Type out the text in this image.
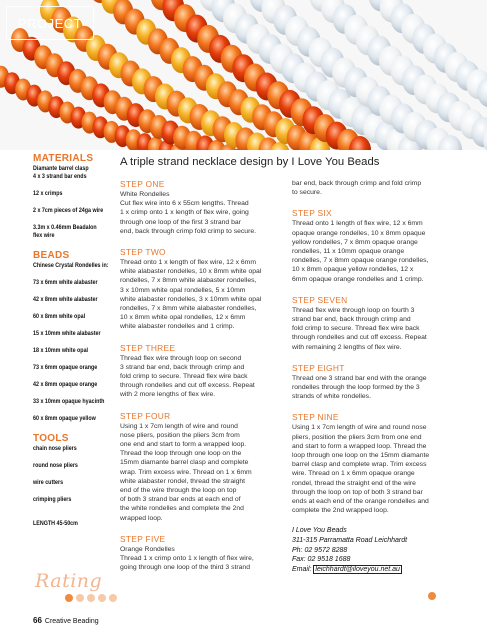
PROJECT
MATERIALS
Diamante barrel clasp
4 x 3 strand bar ends
12 x crimps
2 x 7cm pieces of 24ga wire
3.3m x 0.46mm Beadalon
flex wire
BEADS
Chinese Crystal Rondelles in:
73 x 6mm white alabaster
42 x 8mm white alabaster
60 x 8mm white opal
15 x 10mm white alabaster
18 x 10mm white opal
73 x 6mm opaque orange
42 x 8mm opaque orange
33 x 10mm opaque hyacinth
60 x 8mm opaque yellow
TOOLS
chain nose pliers
round nose pliers
wire cutters
crimping pliers
LENGTH 45-50cm
A triple strand necklace design by I Love You Beads
STEP ONE
White Rondelles
Cut flex wire into 6 x 55cm lengths. Thread
1 x crimp onto 1 x length of flex wire, going
through one loop of the first 3 strand bar
end, back through crimp fold crimp to secure.
STEP TWO
Thread onto 1 x length of flex wire, 12 x 6mm
white alabaster rondelles, 10 x 8mm white opal
rondelles, 7 x 8mm white alabaster rondelles,
3 x 10mm white opal rondelles, 5 x 10mm
white alabaster rondelles, 3 x 10mm white opal
rondelles, 7 x 8mm white alabaster rondelles,
10 x 8mm white opal rondelles, 12 x 6mm
white alabaster rondelles and 1 crimp.
STEP THREE
Thread flex wire through loop on second
3 strand bar end, back through crimp and
fold crimp to secure. Thread flex wire back
through rondelles and cut off excess. Repeat
with 2 more lengths of flex wire.
STEP FOUR
Using 1 x 7cm length of wire and round
nose pliers, position the pliers 3cm from
one end and start to form a wrapped loop.
Thread the loop through one loop on the
15mm diamante barrel clasp and complete
wrap. Trim excess wire. Thread on 1 x 6mm
white alabaster rondel, thread the straight
end of the wire through the loop on top
of both 3 strand bar ends at each end of
the white rondelles and complete the 2nd
wrapped loop.
STEP FIVE
Orange Rondelles
Thread 1 x crimp onto 1 x length of flex wire,
going through one loop of the third 3 strand
bar end, back through crimp and fold crimp
to secure.
STEP SIX
Thread onto 1 length of flex wire, 12 x 6mm
opaque orange rondelles, 10 x 8mm opaque
yellow rondelles, 7 x 8mm opaque orange
rondelles, 11 x 10mm opaque orange
rondelles, 7 x 8mm opaque orange rondelles,
10 x 8mm opaque yellow rondelles, 12 x
6mm opaque orange rondelles and 1 crimp.
STEP SEVEN
Thread flex wire through loop on fourth 3
strand bar end, back through crimp and
fold crimp to secure. Thread flex wire back
through rondelles and cut off excess. Repeat
with remaining 2 lengths of flex wire.
STEP EIGHT
Thread one 3 strand bar end with the orange
rondelles through the loop formed by the 3
strands of white rondelles.
STEP NINE
Using 1 x 7cm length of wire and round nose
pliers, position the pliers 3cm from one end
and start to form a wrapped loop. Thread the
loop through one loop on the 15mm diamante
barrel clasp and complete wrap. Trim excess
wire. Thread on 1 x 6mm opaque orange
rondel, thread the straight end of the wire
through the loop on top of both 3 strand bar
ends at each end of the orange rondelles and
complete the 2nd wrapped loop.
I Love You Beads
311-315 Parramatta Road Leichhardt
Ph: 02 9572 8288
Fax: 02 9518 1688
Email: leichhardt@iloveyou.net.au
Rating
66 Creative Beading
